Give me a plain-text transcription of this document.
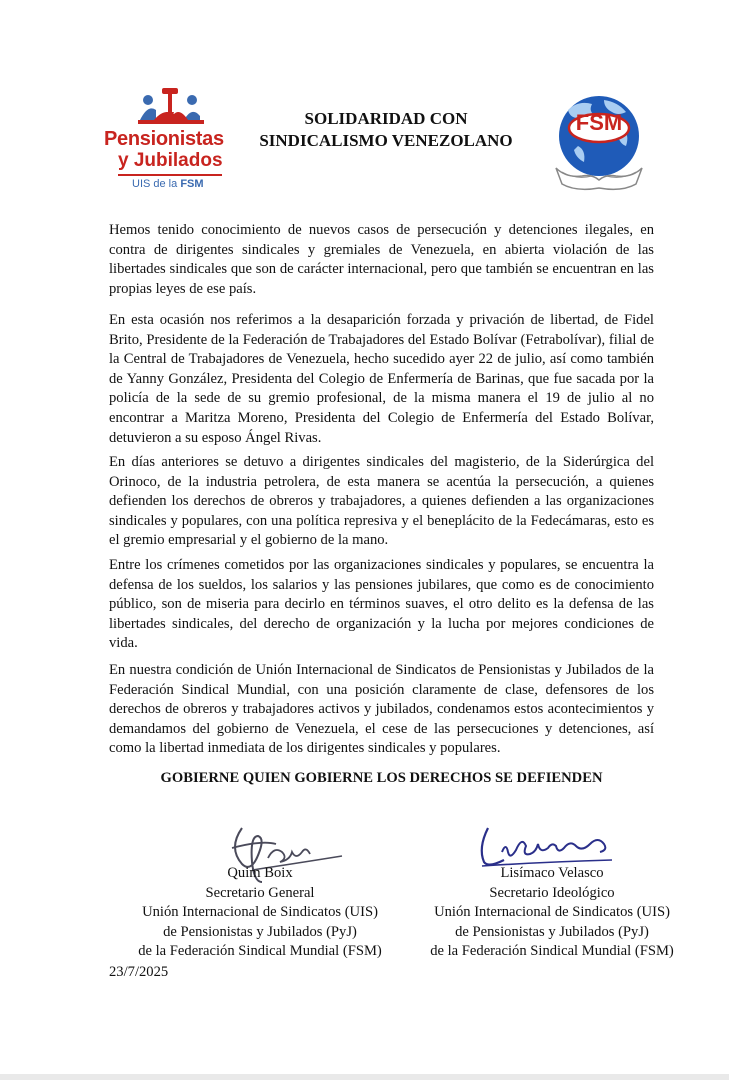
Pensionistas
y Jubilados
UIS de la FSM
SOLIDARIDAD CON
SINDICALISMO VENEZOLANO
FSM
Hemos tenido conocimiento de nuevos casos de persecución y detenciones ilegales, en contra de dirigentes sindicales y gremiales de Venezuela, en abierta violación de las libertades sindicales que son de carácter internacional, pero que también se encuentran en las propias leyes de ese país.
En esta ocasión nos referimos a la desaparición forzada y privación de libertad, de Fidel Brito, Presidente de la Federación de Trabajadores del Estado Bolívar (Fetrabolívar), filial de la Central de Trabajadores de Venezuela, hecho sucedido ayer 22 de julio, así como también de Yanny González, Presidenta del Colegio de Enfermería de Barinas, que fue sacada por la policía de la sede de su gremio profesional, de la misma manera el 19 de julio al no encontrar a Maritza Moreno, Presidenta del Colegio de Enfermería del Estado Bolívar, detuvieron a su esposo Ángel Rivas.
En días anteriores se detuvo a dirigentes sindicales del magisterio, de la Siderúrgica del Orinoco, de la industria petrolera, de esta manera se acentúa la persecución, a quienes defienden los derechos de obreros y trabajadores, a quienes defienden a las organizaciones sindicales y populares, con una política represiva y el beneplácito de la Fedecámaras, esto es el gremio empresarial y el gobierno de la mano.
Entre los crímenes cometidos por las organizaciones sindicales y populares, se encuentra la defensa de los sueldos, los salarios y las pensiones jubilares, que como es de conocimiento público, son de miseria para decirlo en términos suaves, el otro delito es la defensa de las libertades sindicales, del derecho de organización y la lucha por mejores condiciones de vida.
En nuestra condición de Unión Internacional de Sindicatos de Pensionistas y Jubilados de la Federación Sindical Mundial, con una posición claramente de clase, defensores de los derechos de obreros y trabajadores activos y jubilados, condenamos estos acontecimientos y demandamos del gobierno de Venezuela, el cese de las persecuciones y detenciones, así como la libertad inmediata de los dirigentes sindicales y populares.
GOBIERNE QUIEN GOBIERNE LOS DERECHOS SE DEFIENDEN
Quim Boix
Secretario General
Unión Internacional de Sindicatos (UIS)
de Pensionistas y Jubilados (PyJ)
de la Federación Sindical Mundial (FSM)
Lisímaco Velasco
Secretario Ideológico
Unión Internacional de Sindicatos (UIS)
de Pensionistas y Jubilados (PyJ)
de la Federación Sindical Mundial (FSM)
23/7/2025
